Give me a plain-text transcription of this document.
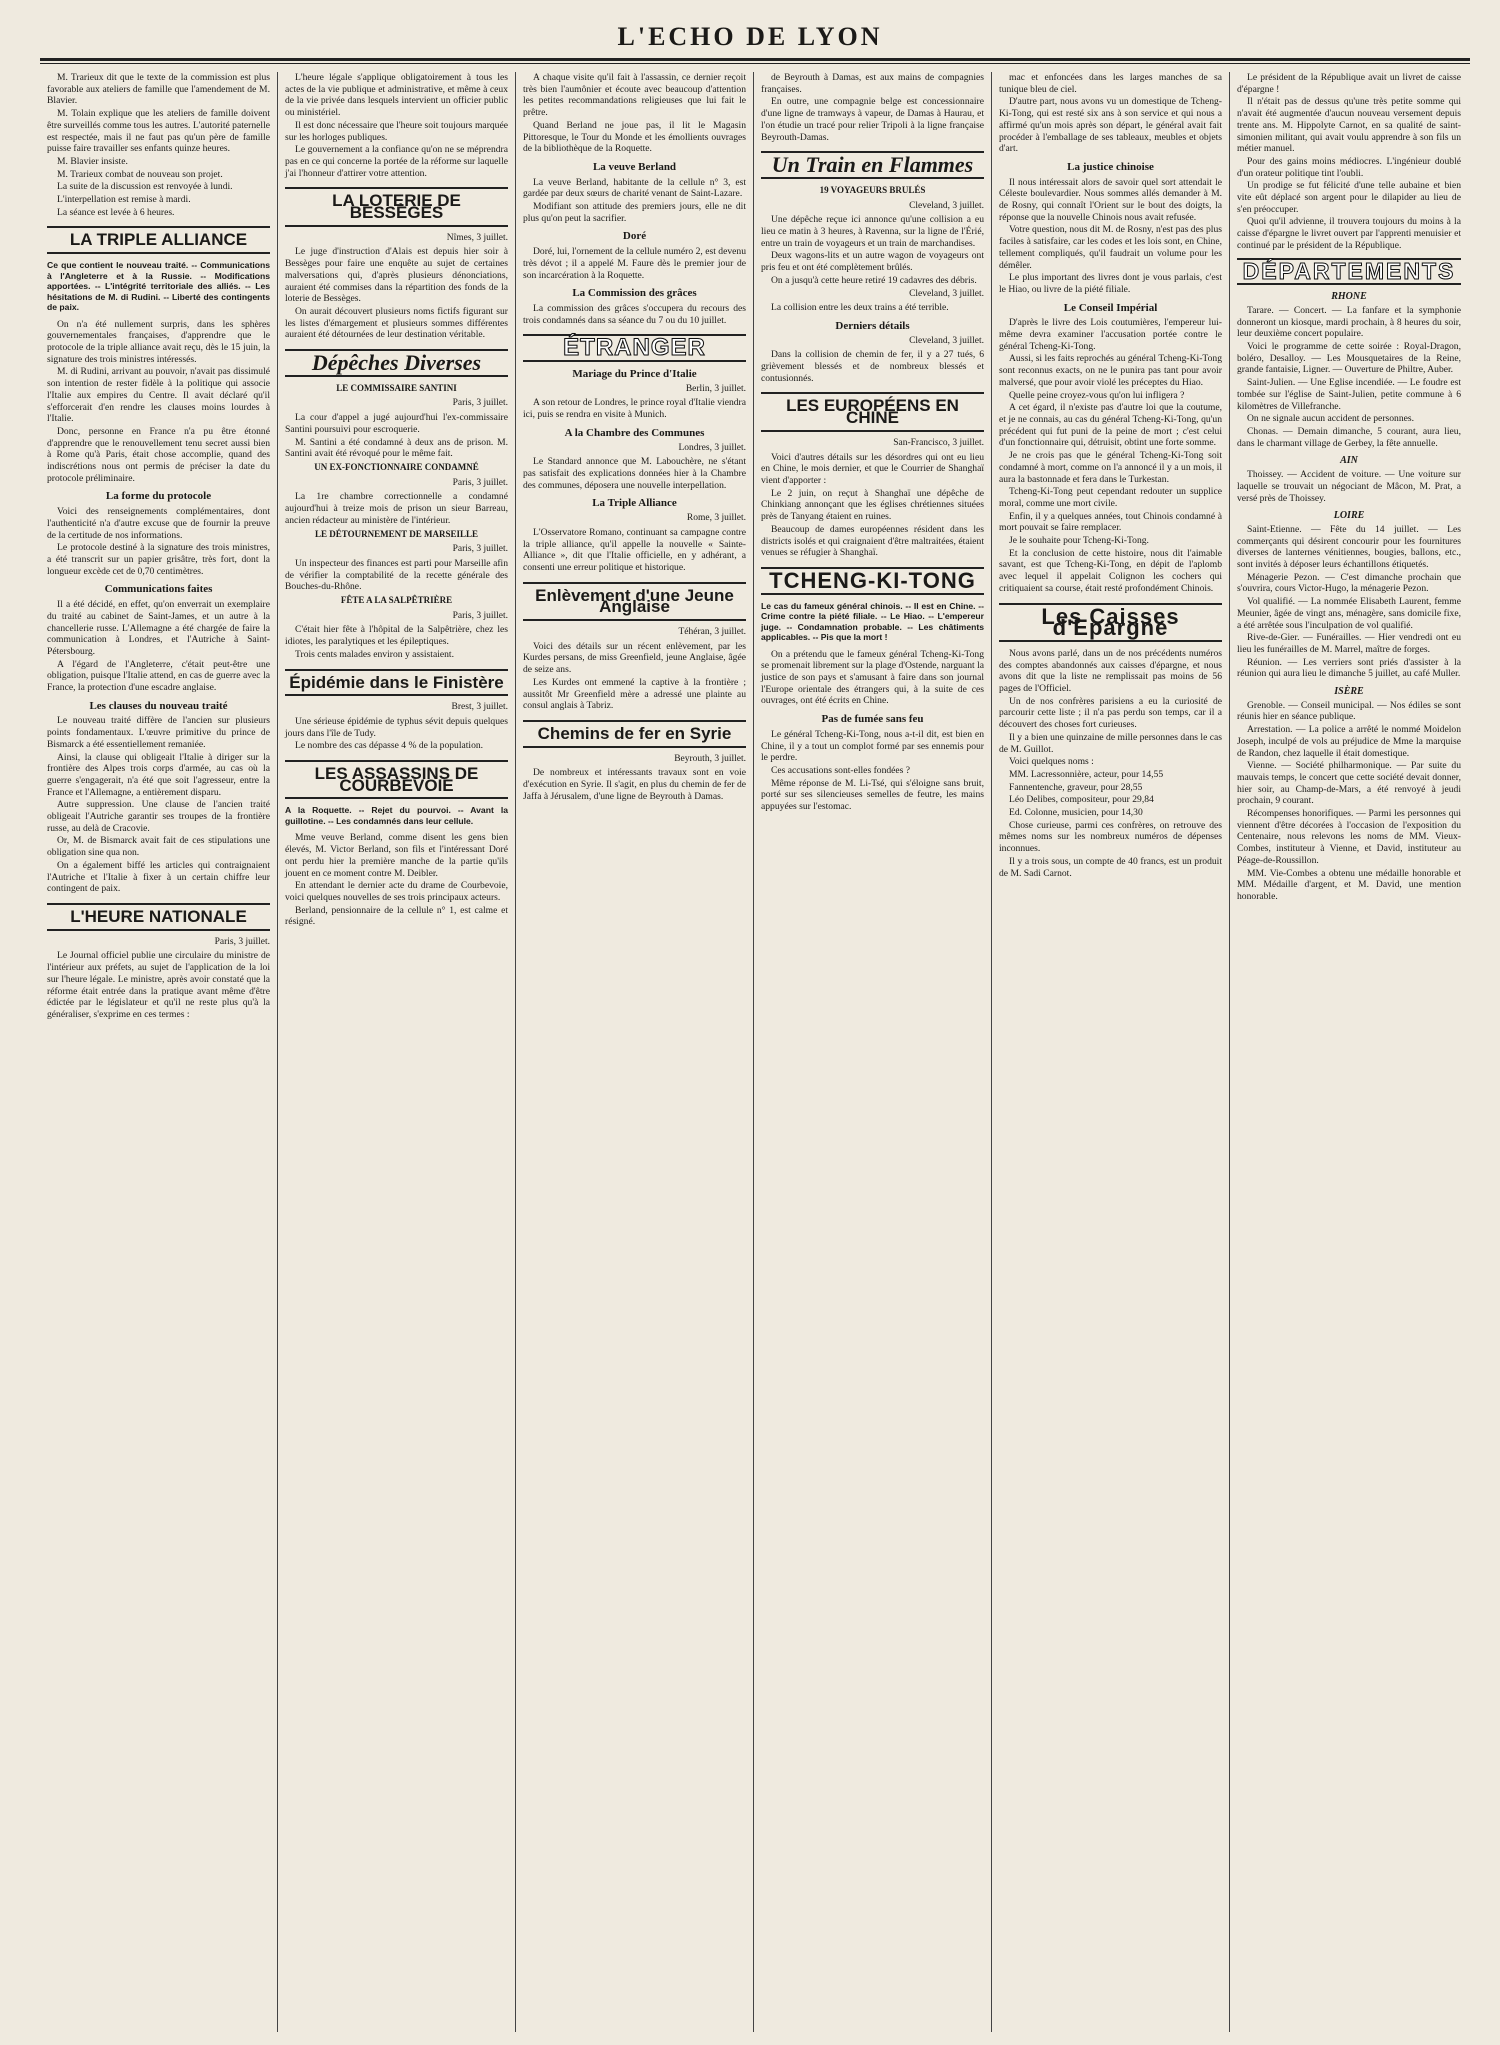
L'ECHO DE LYON

M. Trarieux dit que le texte de la commission est plus favorable aux ateliers de famille que l'amendement de M. Blavier.

M. Tolain explique que les ateliers de famille doivent être surveillés comme tous les autres. L'autorité paternelle est respectée, mais il ne faut pas qu'un père de famille puisse faire travailler ses enfants quinze heures.

M. Blavier insiste.

M. Trarieux combat de nouveau son projet.

La suite de la discussion est renvoyée à lundi.

L'interpellation est remise à mardi.

La séance est levée à 6 heures.

LA TRIPLE ALLIANCE
Ce que contient le nouveau traité. -- Communications à l'Angleterre et à la Russie. -- Modifications apportées. -- L'intégrité territoriale des alliés. -- Les hésitations de M. di Rudini. -- Liberté des contingents de paix.

On n'a été nullement surpris, dans les sphères gouvernementales françaises, d'apprendre que le protocole de la triple alliance avait reçu, dès le 15 juin, la signature des trois ministres intéressés.

M. di Rudini, arrivant au pouvoir, n'avait pas dissimulé son intention de rester fidèle à la politique qui associe l'Italie aux empires du Centre. Il avait déclaré qu'il s'efforcerait d'en rendre les clauses moins lourdes à l'Italie.

Donc, personne en France n'a pu être étonné d'apprendre que le renouvellement tenu secret aussi bien à Rome qu'à Paris, était chose accomplie, quand des indiscrétions nous ont permis de préciser la date du protocole préliminaire.

La forme du protocole

Voici des renseignements complémentaires, dont l'authenticité n'a d'autre excuse que de fournir la preuve de la certitude de nos informations.

Le protocole destiné à la signature des trois ministres, a été transcrit sur un papier grisâtre, très fort, dont la longueur excède cet de 0,70 centimètres.

Communications faites

Il a été décidé, en effet, qu'on enverrait un exemplaire du traité au cabinet de Saint-James, et un autre à la chancellerie russe. L'Allemagne a été chargée de faire la communication à Londres, et l'Autriche à Saint-Pétersbourg.

A l'égard de l'Angleterre, c'était peut-être une obligation, puisque l'Italie attend, en cas de guerre avec la France, la protection d'une escadre anglaise.

Les clauses du nouveau traité

Le nouveau traité diffère de l'ancien sur plusieurs points fondamentaux. L'œuvre primitive du prince de Bismarck a été essentiellement remaniée.

Ainsi, la clause qui obligeait l'Italie à diriger sur la frontière des Alpes trois corps d'armée, au cas où la guerre s'engagerait, n'a été que soit l'agresseur, entre la France et l'Allemagne, a entièrement disparu.

Autre suppression. Une clause de l'ancien traité obligeait l'Autriche garantir ses troupes de la frontière russe, au delà de Cracovie.

Or, M. de Bismarck avait fait de ces stipulations une obligation sine qua non.

On a également biffé les articles qui contraignaient l'Autriche et l'Italie à fixer à un certain chiffre leur contingent de paix.

L'HEURE NATIONALE
Paris, 3 juillet.

Le Journal officiel publie une circulaire du ministre de l'intérieur aux préfets, au sujet de l'application de la loi sur l'heure légale. Le ministre, après avoir constaté que la réforme était entrée dans la pratique avant même d'être édictée par le législateur et qu'il ne reste plus qu'à la généraliser, s'exprime en ces termes :

L'heure légale s'applique obligatoirement à tous les actes de la vie publique et administrative, et même à ceux de la vie privée dans lesquels intervient un officier public ou ministériel.

Il est donc nécessaire que l'heure soit toujours marquée sur les horloges publiques.

Le gouvernement a la confiance qu'on ne se méprendra pas en ce qui concerne la portée de la réforme sur laquelle j'ai l'honneur d'attirer votre attention.

LA LOTERIE DE BESSÈGES
Nîmes, 3 juillet.

Le juge d'instruction d'Alais est depuis hier soir à Bessèges pour faire une enquête au sujet de certaines malversations qui, d'après plusieurs dénonciations, auraient été commises dans la répartition des fonds de la loterie de Bessèges.

On aurait découvert plusieurs noms fictifs figurant sur les listes d'émargement et plusieurs sommes différentes auraient été détournées de leur destination véritable.

Dépêches Diverses
LE COMMISSAIRE SANTINI
Paris, 3 juillet.

La cour d'appel a jugé aujourd'hui l'ex-commissaire Santini poursuivi pour escroquerie.

M. Santini a été condamné à deux ans de prison. M. Santini avait été révoqué pour le même fait.

UN EX-FONCTIONNAIRE CONDAMNÉ
Paris, 3 juillet.

La 1re chambre correctionnelle a condamné aujourd'hui à treize mois de prison un sieur Barreau, ancien rédacteur au ministère de l'intérieur.

LE DÉTOURNEMENT DE MARSEILLE
Paris, 3 juillet.

Un inspecteur des finances est parti pour Marseille afin de vérifier la comptabilité de la recette générale des Bouches-du-Rhône.

FÊTE A LA SALPÊTRIÈRE
Paris, 3 juillet.

C'était hier fête à l'hôpital de la Salpêtrière, chez les idiotes, les paralytiques et les épileptiques.

Trois cents malades environ y assistaient.

Épidémie dans le Finistère
Brest, 3 juillet.

Une sérieuse épidémie de typhus sévit depuis quelques jours dans l'île de Tudy.

Le nombre des cas dépasse 4 % de la population.

LES ASSASSINS DE COURBEVOIE
A la Roquette. -- Rejet du pourvoi. -- Avant la guillotine. -- Les condamnés dans leur cellule.

Mme veuve Berland, comme disent les gens bien élevés, M. Victor Berland, son fils et l'intéressant Doré ont perdu hier la première manche de la partie qu'ils jouent en ce moment contre M. Deibler.

En attendant le dernier acte du drame de Courbevoie, voici quelques nouvelles de ses trois principaux acteurs.

Berland, pensionnaire de la cellule n° 1, est calme et résigné.

A chaque visite qu'il fait à l'assassin, ce dernier reçoit très bien l'aumônier et écoute avec beaucoup d'attention les petites recommandations religieuses que lui fait le prêtre.

Quand Berland ne joue pas, il lit le Magasin Pittoresque, le Tour du Monde et les émollients ouvrages de la bibliothèque de la Roquette.

La veuve Berland

La veuve Berland, habitante de la cellule n° 3, est gardée par deux sœurs de charité venant de Saint-Lazare.

Modifiant son attitude des premiers jours, elle ne dit plus qu'on peut la sacrifier.

Doré

Doré, lui, l'ornement de la cellule numéro 2, est devenu très dévot ; il a appelé M. Faure dès le premier jour de son incarcération à la Roquette.

La Commission des grâces

La commission des grâces s'occupera du recours des trois condamnés dans sa séance du 7 ou du 10 juillet.

ÉTRANGER
Mariage du Prince d'Italie
Berlin, 3 juillet.

A son retour de Londres, le prince royal d'Italie viendra ici, puis se rendra en visite à Munich.

A la Chambre des Communes
Londres, 3 juillet.

Le Standard annonce que M. Labouchère, ne s'étant pas satisfait des explications données hier à la Chambre des communes, déposera une nouvelle interpellation.

La Triple Alliance
Rome, 3 juillet.

L'Osservatore Romano, continuant sa campagne contre la triple alliance, qu'il appelle la nouvelle « Sainte-Alliance », dit que l'Italie officielle, en y adhérant, a consenti une erreur politique et historique.

Enlèvement d'une Jeune Anglaise
Téhéran, 3 juillet.

Voici des détails sur un récent enlèvement, par les Kurdes persans, de miss Greenfield, jeune Anglaise, âgée de seize ans.

Les Kurdes ont emmené la captive à la frontière ; aussitôt Mr Greenfield mère a adressé une plainte au consul anglais à Tabriz.

Chemins de fer en Syrie
Beyrouth, 3 juillet.

De nombreux et intéressants travaux sont en voie d'exécution en Syrie. Il s'agit, en plus du chemin de fer de Jaffa à Jérusalem, d'une ligne de Beyrouth à Damas.

de Beyrouth à Damas, est aux mains de compagnies françaises.

En outre, une compagnie belge est concessionnaire d'une ligne de tramways à vapeur, de Damas à Haurau, et l'on étudie un tracé pour relier Tripoli à la ligne française Beyrouth-Damas.

Un Train en Flammes
19 VOYAGEURS BRULÉS
Cleveland, 3 juillet.

Une dépêche reçue ici annonce qu'une collision a eu lieu ce matin à 3 heures, à Ravenna, sur la ligne de l'Érié, entre un train de voyageurs et un train de marchandises.

Deux wagons-lits et un autre wagon de voyageurs ont pris feu et ont été complètement brûlés.

On a jusqu'à cette heure retiré 19 cadavres des débris.

Cleveland, 3 juillet.

La collision entre les deux trains a été terrible.

Derniers détails
Cleveland, 3 juillet.

Dans la collision de chemin de fer, il y a 27 tués, 6 grièvement blessés et de nombreux blessés et contusionnés.

LES EUROPÉENS EN CHINE
San-Francisco, 3 juillet.

Voici d'autres détails sur les désordres qui ont eu lieu en Chine, le mois dernier, et que le Courrier de Shanghaï vient d'apporter :

Le 2 juin, on reçut à Shanghaï une dépêche de Chinkiang annonçant que les églises chrétiennes situées près de Tanyang étaient en ruines.

Beaucoup de dames européennes résident dans les districts isolés et qui craignaient d'être maltraitées, étaient venues se réfugier à Shanghaï.

TCHENG-KI-TONG
Le cas du fameux général chinois. -- Il est en Chine. -- Crime contre la piété filiale. -- Le Hiao. -- L'empereur juge. -- Condamnation probable. -- Les châtiments applicables. -- Pis que la mort !

On a prétendu que le fameux général Tcheng-Ki-Tong se promenait librement sur la plage d'Ostende, narguant la justice de son pays et s'amusant à faire dans son journal l'Europe orientale des étrangers qui, à la suite de ces ouvrages, ont été écrits en Chine.

Pas de fumée sans feu

Le général Tcheng-Ki-Tong, nous a-t-il dit, est bien en Chine, il y a tout un complot formé par ses ennemis pour le perdre.

Ces accusations sont-elles fondées ?

Même réponse de M. Li-Tsé, qui s'éloigne sans bruit, porté sur ses silencieuses semelles de feutre, les mains appuyées sur l'estomac.

mac et enfoncées dans les larges manches de sa tunique bleu de ciel.

D'autre part, nous avons vu un domestique de Tcheng-Ki-Tong, qui est resté six ans à son service et qui nous a affirmé qu'un mois après son départ, le général avait fait procéder à l'emballage de ses tableaux, meubles et objets d'art.

La justice chinoise

Il nous intéressait alors de savoir quel sort attendait le Céleste boulevardier. Nous sommes allés demander à M. de Rosny, qui connaît l'Orient sur le bout des doigts, la réponse que la nouvelle Chinois nous avait refusée.

Votre question, nous dit M. de Rosny, n'est pas des plus faciles à satisfaire, car les codes et les lois sont, en Chine, tellement compliqués, qu'il faudrait un volume pour les démêler.

Le plus important des livres dont je vous parlais, c'est le Hiao, ou livre de la piété filiale.

Le Conseil Impérial

D'après le livre des Lois coutumières, l'empereur lui-même devra examiner l'accusation portée contre le général Tcheng-Ki-Tong.

Aussi, si les faits reprochés au général Tcheng-Ki-Tong sont reconnus exacts, on ne le punira pas tant pour avoir malversé, que pour avoir violé les préceptes du Hiao.

Quelle peine croyez-vous qu'on lui infligera ?

A cet égard, il n'existe pas d'autre loi que la coutume, et je ne connais, au cas du général Tcheng-Ki-Tong, qu'un précédent qui fut puni de la peine de mort ; c'est celui d'un fonctionnaire qui, détruisit, obtint une forte somme.

Je ne crois pas que le général Tcheng-Ki-Tong soit condamné à mort, comme on l'a annoncé il y a un mois, il aura la bastonnade et fera dans le Turkestan.

Tcheng-Ki-Tong peut cependant redouter un supplice moral, comme une mort civile.

Enfin, il y a quelques années, tout Chinois condamné à mort pouvait se faire remplacer.

Je le souhaite pour Tcheng-Ki-Tong.

Et la conclusion de cette histoire, nous dit l'aimable savant, est que Tcheng-Ki-Tong, en dépit de l'aplomb avec lequel il appelait Colignon les cochers qui critiquaient sa course, était resté profondément Chinois.

Les Caisses d'Epargne

Nous avons parlé, dans un de nos précédents numéros des comptes abandonnés aux caisses d'épargne, et nous avons dit que la liste ne remplissait pas moins de 56 pages de l'Officiel.

Un de nos confrères parisiens a eu la curiosité de parcourir cette liste ; il n'a pas perdu son temps, car il a découvert des choses fort curieuses.

Il y a bien une quinzaine de mille personnes dans le cas de M. Guillot.

Voici quelques noms :

MM. Lacressonnière, acteur, pour 14,55

Fannentenche, graveur, pour 28,55

Léo Delibes, compositeur, pour 29,84

Ed. Colonne, musicien, pour 14,30

Chose curieuse, parmi ces confrères, on retrouve des mêmes noms sur les nombreux numéros de dépenses inconnues.

Il y a trois sous, un compte de 40 francs, est un produit de M. Sadi Carnot.

Le président de la République avait un livret de caisse d'épargne !

Il n'était pas de dessus qu'une très petite somme qui n'avait été augmentée d'aucun nouveau versement depuis trente ans. M. Hippolyte Carnot, en sa qualité de saint-simonien militant, qui avait voulu apprendre à son fils un métier manuel.

Pour des gains moins médiocres. L'ingénieur doublé d'un orateur politique tint l'oubli.

Un prodige se fut félicité d'une telle aubaine et bien vite eût déplacé son argent pour le dilapider au lieu de s'en préoccuper.

Quoi qu'il advienne, il trouvera toujours du moins à la caisse d'épargne le livret ouvert par l'apprenti menuisier et continué par le président de la République.

DÉPARTEMENTS
RHONE

Tarare. — Concert. — La fanfare et la symphonie donneront un kiosque, mardi prochain, à 8 heures du soir, leur deuxième concert populaire.

Voici le programme de cette soirée : Royal-Dragon, boléro, Desalloy. — Les Mousquetaires de la Reine, grande fantaisie, Ligner. — Ouverture de Philtre, Auber.

Saint-Julien. — Une Eglise incendiée. — Le foudre est tombée sur l'église de Saint-Julien, petite commune à 6 kilomètres de Villefranche.

On ne signale aucun accident de personnes.

Chonas. — Demain dimanche, 5 courant, aura lieu, dans le charmant village de Gerbey, la fête annuelle.

AIN

Thoissey. — Accident de voiture. — Une voiture sur laquelle se trouvait un négociant de Mâcon, M. Prat, a versé près de Thoissey.

LOIRE

Saint-Etienne. — Fête du 14 juillet. — Les commerçants qui désirent concourir pour les fournitures diverses de lanternes vénitiennes, bougies, ballons, etc., sont invités à déposer leurs échantillons étiquetés.

Ménagerie Pezon. — C'est dimanche prochain que s'ouvrira, cours Victor-Hugo, la ménagerie Pezon.

Vol qualifié. — La nommée Elisabeth Laurent, femme Meunier, âgée de vingt ans, ménagère, sans domicile fixe, a été arrêtée sous l'inculpation de vol qualifié.

Rive-de-Gier. — Funérailles. — Hier vendredi ont eu lieu les funérailles de M. Marrel, maître de forges.

Réunion. — Les verriers sont priés d'assister à la réunion qui aura lieu le dimanche 5 juillet, au café Muller.

ISÈRE

Grenoble. — Conseil municipal. — Nos édiles se sont réunis hier en séance publique.

Arrestation. — La police a arrêté le nommé Moidelon Joseph, inculpé de vols au préjudice de Mme la marquise de Randon, chez laquelle il était domestique.

Vienne. — Société philharmonique. — Par suite du mauvais temps, le concert que cette société devait donner, hier soir, au Champ-de-Mars, a été renvoyé à jeudi prochain, 9 courant.

Récompenses honorifiques. — Parmi les personnes qui viennent d'être décorées à l'occasion de l'exposition du Centenaire, nous relevons les noms de MM. Vieux-Combes, instituteur à Vienne, et David, instituteur au Péage-de-Roussillon.

MM. Vie-Combes a obtenu une médaille honorable et MM. Médaille d'argent, et M. David, une mention honorable.
